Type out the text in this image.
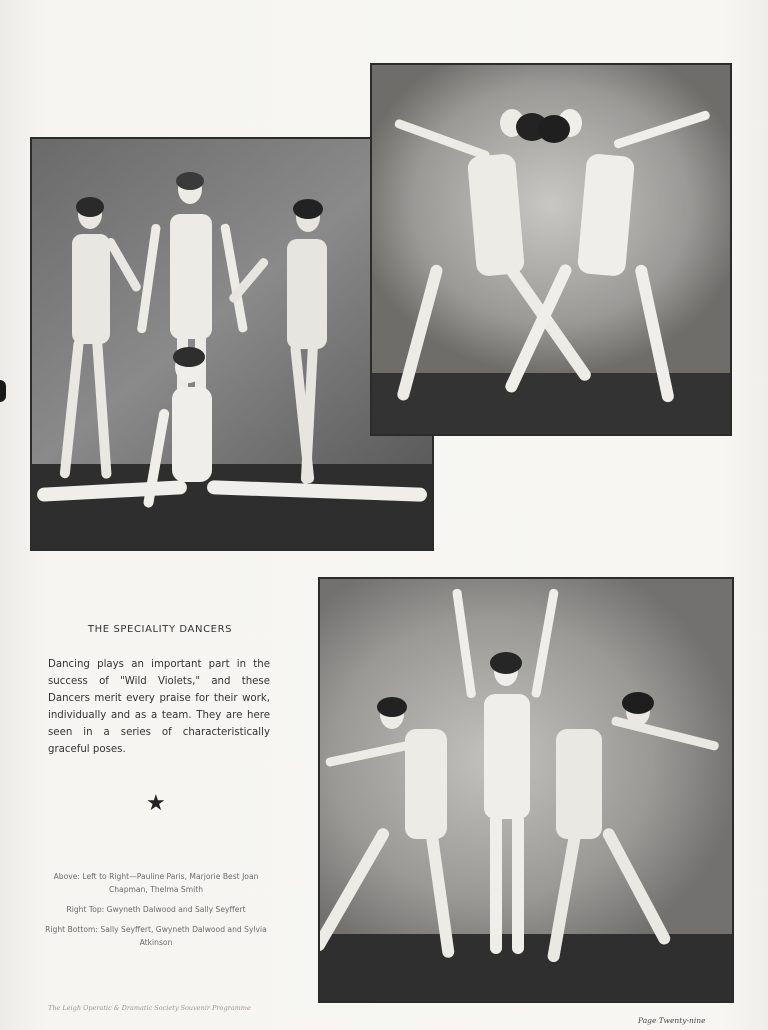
THE SPECIALITY DANCERS
Dancing plays an important part in the success of "Wild Violets," and these Dancers merit every praise for their work, individually and as a team. They are here seen in a series of characteristically graceful poses.
★

Above: Left to Right—Pauline Paris, Marjorie Best Joan Chapman, Thelma Smith

Right Top: Gwyneth Dalwood and Sally Seyffert

Right Bottom: Sally Seyffert, Gwyneth Dalwood and Sylvia Atkinson

The Leigh Operatic & Dramatic Society Souvenir Programme
Page Twenty-nine
